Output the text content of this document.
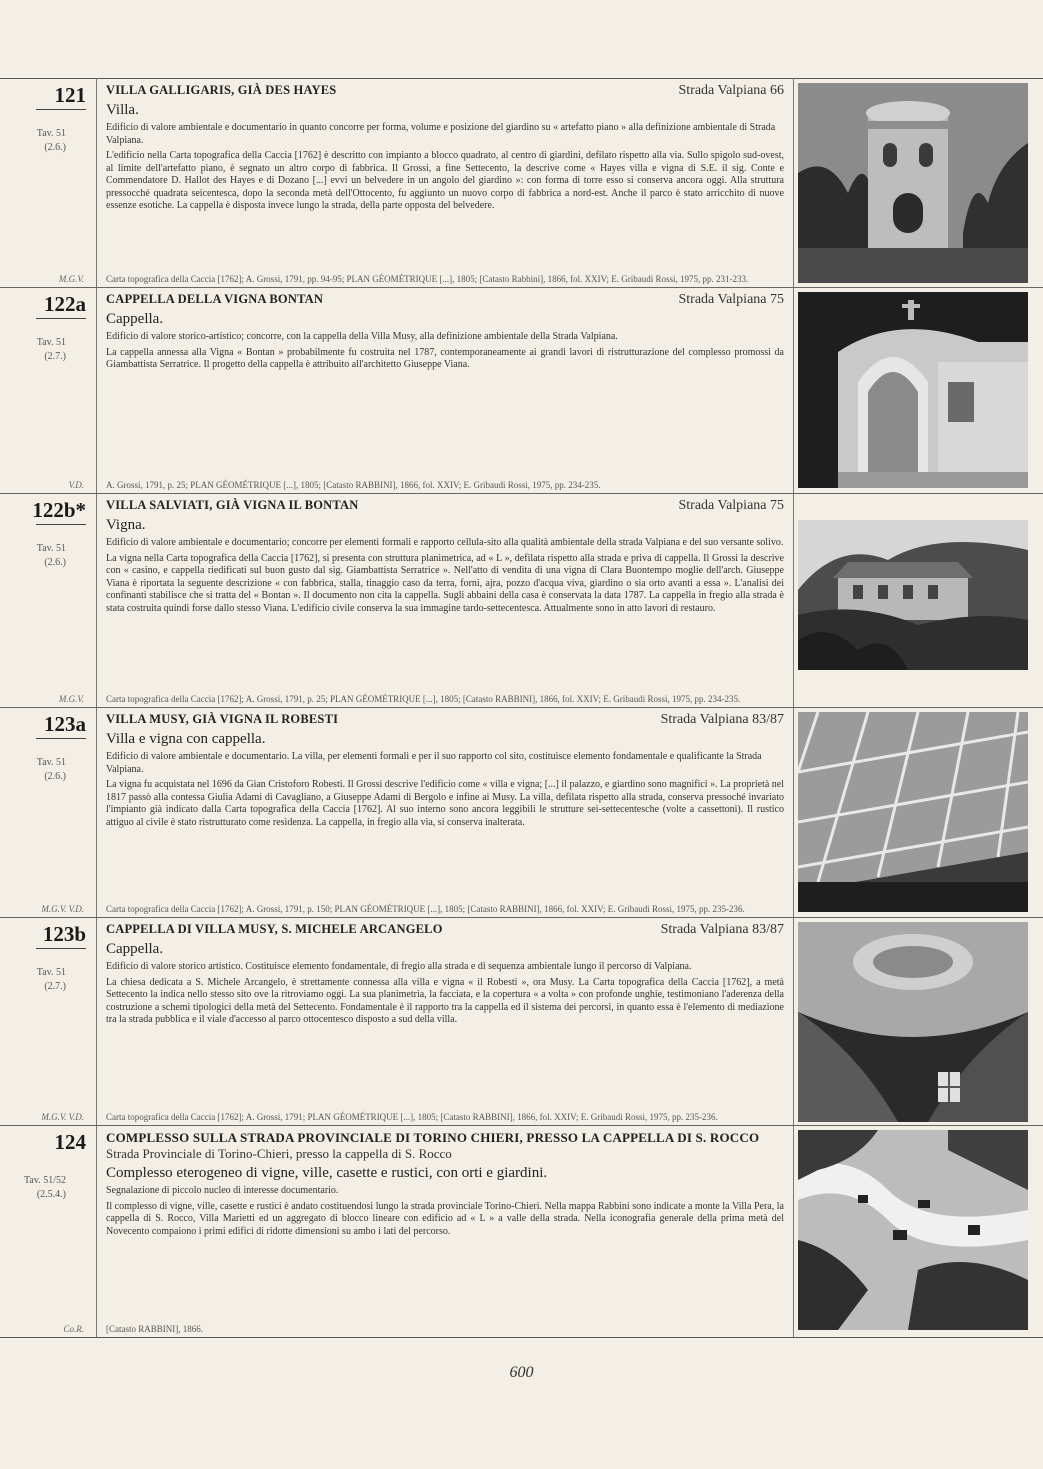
121
Tav. 51
(2.6.)
M.G.V.
VILLA GALLIGARIS, GIÀ DES HAYES	Strada Valpiana 66
Villa.
Edificio di valore ambientale e documentario in quanto concorre per forma, volume e posizione del giardino su « artefatto piano » alla definizione ambientale di Strada Valpiana.
L'edificio nella Carta topografica della Caccia [1762] è descritto con impianto a blocco quadrato, al centro di giardini, defilato rispetto alla via. Sullo spigolo sud-ovest, al limite dell'artefatto piano, è segnato un altro corpo di fabbrica. Il Grossi, a fine Settecento, la descrive come « Hayes villa e vigna di S.E. il sig. Conte e Commendatore D. Hallot des Hayes e di Dozano [...] evvi un belvedere in un angolo del giardino »: con forma di torre esso si conserva ancora oggi. Alla struttura pressocché quadrata seicentesca, dopo la seconda metà dell'Ottocento, fu aggiunto un nuovo corpo di fabbrica a nord-est. Anche il parco è stato arricchito di nuove essenze esotiche. La cappella è disposta invece lungo la strada, della parte opposta del belvedere.
Carta topografica della Caccia [1762]; A. Grossi, 1791, pp. 94-95; PLAN GÉOMÉTRIQUE [...], 1805; [Catasto Rabbini], 1866, fol. XXIV; E. Gribaudi Rossi, 1975, pp. 231-233.
122a
Tav. 51
(2.7.)
V.D.
CAPPELLA DELLA VIGNA BONTAN	Strada Valpiana 75
Cappella.
Edificio di valore storico-artistico; concorre, con la cappella della Villa Musy, alla definizione ambientale della Strada Valpiana.
La cappella annessa alla Vigna « Bontan » probabilmente fu costruita nel 1787, contemporaneamente ai grandi lavori di ristrutturazione del complesso promossi da Giambattista Serratrice. Il progetto della cappella è attribuito all'architetto Giuseppe Viana.
A. Grossi, 1791, p. 25; PLAN GÉOMÉTRIQUE [...], 1805; [Catasto RABBINI], 1866, fol. XXIV; E. Gribaudi Rossi, 1975, pp. 234-235.
122b*
Tav. 51
(2.6.)
M.G.V.
VILLA SALVIATI, GIÀ VIGNA IL BONTAN	Strada Valpiana 75
Vigna.
Edificio di valore ambientale e documentario; concorre per elementi formali e rapporto cellula-sito alla qualità ambientale della strada Valpiana e del suo versante solivo.
La vigna nella Carta topografica della Caccia [1762], si presenta con struttura planimetrica, ad « L », defilata rispetto alla strada e priva di cappella. Il Grossi la descrive con « casino, e cappella riedificati sul buon gusto dal sig. Giambattista Serratrice ». Nell'atto di vendita di una vigna di Clara Buontempo moglie dell'arch. Giuseppe Viana è riportata la seguente descrizione « con fabbrica, stalla, tinaggio caso da terra, forni, ajra, pozzo d'acqua viva, giardino o sia orto avanti a essa ». L'analisi dei confinanti stabilisce che si tratta del « Bontan ». Il documento non cita la cappella. Sugli abbaini della casa è conservata la data 1787. La cappella in fregio alla strada è stata costruita quindi forse dallo stesso Viana. L'edificio civile conserva la sua immagine tardo-settecentesca. Attualmente sono in atto lavori di restauro.
Carta topografica della Caccia [1762]; A. Grossi, 1791, p. 25; PLAN GÉOMÉTRIQUE [...], 1805; [Catasto RABBINI], 1866, fol. XXIV; E. Gribaudi Rossi, 1975, pp. 234-235.
123a
Tav. 51
(2.6.)
M.G.V. V.D.
VILLA MUSY, GIÀ VIGNA IL ROBESTI	Strada Valpiana 83/87
Villa e vigna con cappella.
Edificio di valore ambientale e documentario. La villa, per elementi formali e per il suo rapporto col sito, costituisce elemento fondamentale e qualificante la Strada Valpiana.
La vigna fu acquistata nel 1696 da Gian Cristoforo Robesti. Il Grossi descrive l'edificio come « villa e vigna; [...] il palazzo, e giardino sono magnifici ». La proprietà nel 1817 passò alla contessa Giulia Adami di Cavagliano, a Giuseppe Adami di Bergolo e infine ai Musy. La villa, defilata rispetto alla strada, conserva pressoché invariato l'impianto già indicato dalla Carta topografica della Caccia [1762]. Al suo interno sono ancora leggibili le strutture sei-settecentesche (volte a cassettoni). Il rustico attiguo al civile è stato ristrutturato come residenza. La cappella, in fregio alla via, si conserva inalterata.
Carta topografica della Caccia [1762]; A. Grossi, 1791, p. 150; PLAN GÉOMÉTRIQUE [...], 1805; [Catasto RABBINI], 1866, fol. XXIV; E. Gribaudi Rossi, 1975, pp. 235-236.
123b
Tav. 51
(2.7.)
M.G.V. V.D.
CAPPELLA DI VILLA MUSY, S. MICHELE ARCANGELO	Strada Valpiana 83/87
Cappella.
Edificio di valore storico artistico. Costituisce elemento fondamentale, di fregio alla strada e di sequenza ambientale lungo il percorso di Valpiana.
La chiesa dedicata a S. Michele Arcangelo, è strettamente connessa alla villa e vigna « il Robesti », ora Musy. La Carta topografica della Caccia [1762], a metà Settecento la indica nello stesso sito ove la ritroviamo oggi. La sua planimetria, la facciata, e la copertura « a volta » con profonde unghie, testimoniano l'aderenza della costruzione a schemi tipologici della metà del Settecento. Fondamentale è il rapporto tra la cappella ed il sistema dei percorsi, in quanto essa è l'elemento di mediazione tra la strada pubblica e il viale d'accesso al parco ottocentesco disposto a sud della villa.
Carta topografica della Caccia [1762]; A. Grossi, 1791; PLAN GÉOMÉTRIQUE [...], 1805; [Catasto RABBINI], 1866, fol. XXIV; E. Gribaudi Rossi, 1975, pp. 235-236.
124
Tav. 51/52
(2.5.4.)
Co.R.
COMPLESSO SULLA STRADA PROVINCIALE DI TORINO CHIERI, PRESSO LA CAPPELLA DI S. ROCCO
Strada Provinciale di Torino-Chieri, presso la cappella di S. Rocco
Complesso eterogeneo di vigne, ville, casette e rustici, con orti e giardini.
Segnalazione di piccolo nucleo di interesse documentario.
Il complesso di vigne, ville, casette e rustici è andato costituendosi lungo la strada provinciale Torino-Chieri. Nella mappa Rabbini sono indicate a monte la Villa Pera, la cappella di S. Rocco, Villa Marietti ed un aggregato di blocco lineare con edificio ad « L » a valle della strada. Nella iconografia generale della prima metà del Novecento compaiono i primi edifici di ridotte dimensioni su ambo i lati del percorso.
[Catasto RABBINI], 1866.
600
